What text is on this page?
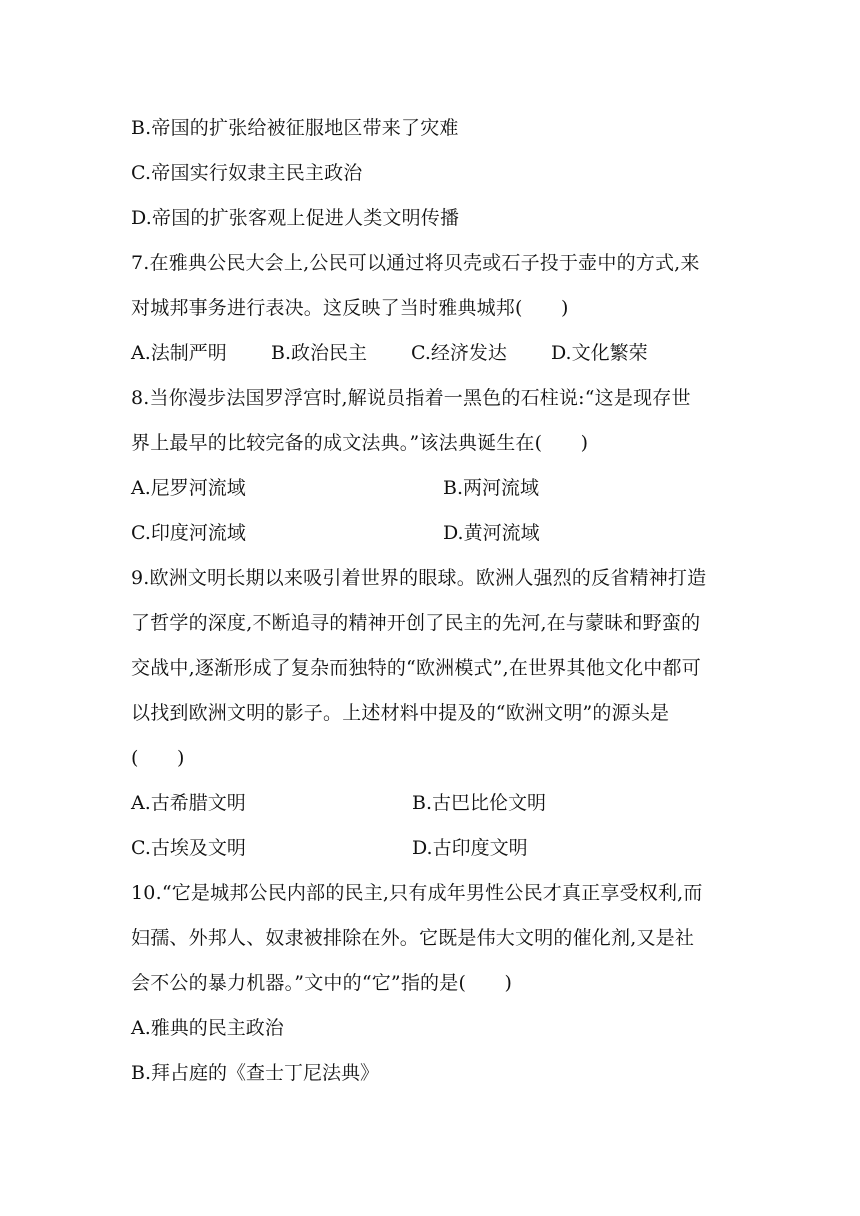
B.帝国的扩张给被征服地区带来了灾难
C.帝国实行奴隶主民主政治
D.帝国的扩张客观上促进人类文明传播
7.在雅典公民大会上,公民可以通过将贝壳或石子投于壶中的方式,来
对城邦事务进行表决。这反映了当时雅典城邦(　　)
A.法制严明 B.政治民主 C.经济发达 D.文化繁荣
8.当你漫步法国罗浮宫时,解说员指着一黑色的石柱说:“这是现存世
界上最早的比较完备的成文法典。”该法典诞生在(　　)
A.尼罗河流域	B.两河流域
C.印度河流域	D.黄河流域
9.欧洲文明长期以来吸引着世界的眼球。欧洲人强烈的反省精神打造
了哲学的深度,不断追寻的精神开创了民主的先河,在与蒙昧和野蛮的
交战中,逐渐形成了复杂而独特的“欧洲模式”,在世界其他文化中都可
以找到欧洲文明的影子。上述材料中提及的“欧洲文明”的源头是
(　　)
A.古希腊文明	B.古巴比伦文明
C.古埃及文明	D.古印度文明
10.“它是城邦公民内部的民主,只有成年男性公民才真正享受权利,而
妇孺、外邦人、奴隶被排除在外。它既是伟大文明的催化剂,又是社
会不公的暴力机器。”文中的“它”指的是(　　)
A.雅典的民主政治
B.拜占庭的《查士丁尼法典》
